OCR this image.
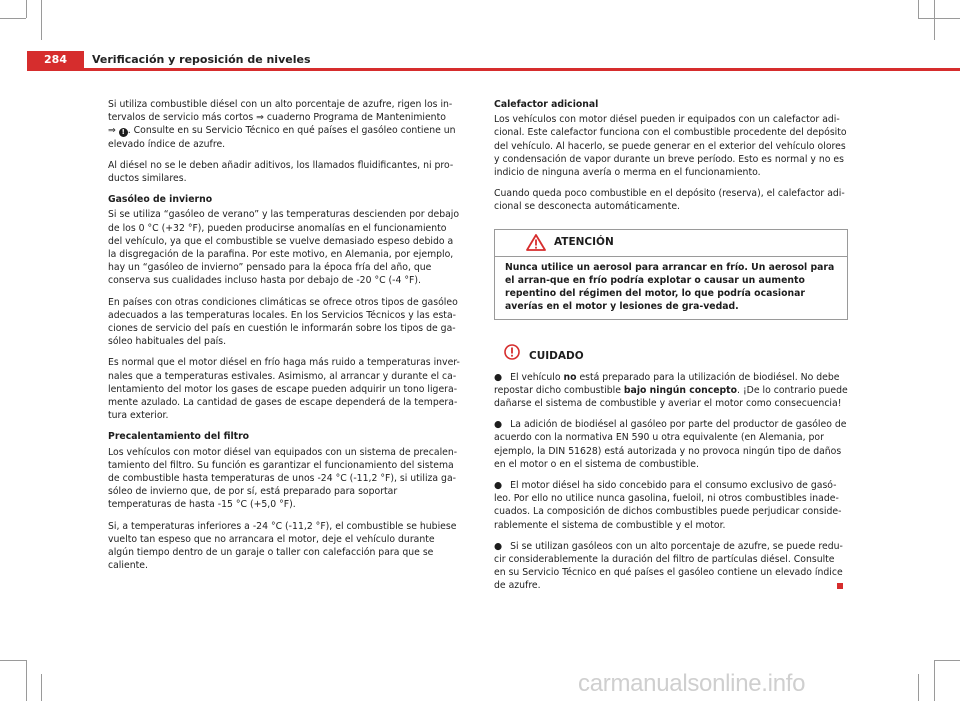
284	Verificación y reposición de niveles

Si utiliza combustible diésel con un alto porcentaje de azufre, rigen los in-tervalos de servicio más cortos ⇒ cuaderno Programa de Mantenimiento
⇒ ! . Consulte en su Servicio Técnico en qué países el gasóleo contiene un elevado índice de azufre.

Al diésel no se le deben añadir aditivos, los llamados fluidificantes, ni pro-ductos similares.

Gasóleo de invierno

Si se utiliza “gasóleo de verano” y las temperaturas descienden por debajo de los 0 °C (+32 °F), pueden producirse anomalías en el funcionamiento del vehículo, ya que el combustible se vuelve demasiado espeso debido a la disgregación de la parafina. Por este motivo, en Alemania, por ejemplo, hay un “gasóleo de invierno” pensado para la época fría del año, que conserva sus cualidades incluso hasta por debajo de -20 °C (-4 °F).

En países con otras condiciones climáticas se ofrece otros tipos de gasóleo adecuados a las temperaturas locales. En los Servicios Técnicos y las esta-ciones de servicio del país en cuestión le informarán sobre los tipos de ga-sóleo habituales del país.

Es normal que el motor diésel en frío haga más ruido a temperaturas inver-nales que a temperaturas estivales. Asimismo, al arrancar y durante el ca-lentamiento del motor los gases de escape pueden adquirir un tono ligera-mente azulado. La cantidad de gases de escape dependerá de la tempera-tura exterior.

Precalentamiento del filtro

Los vehículos con motor diésel van equipados con un sistema de precalen-tamiento del filtro. Su función es garantizar el funcionamiento del sistema de combustible hasta temperaturas de unos -24 °C (-11,2 °F), si utiliza ga-sóleo de invierno que, de por sí, está preparado para soportar temperaturas de hasta -15 °C (+5,0 °F).

Si, a temperaturas inferiores a -24 °C (-11,2 °F), el combustible se hubiese vuelto tan espeso que no arrancara el motor, deje el vehículo durante algún tiempo dentro de un garaje o taller con calefacción para que se caliente.

Calefactor adicional

Los vehículos con motor diésel pueden ir equipados con un calefactor adi-cional. Este calefactor funciona con el combustible procedente del depósito del vehículo. Al hacerlo, se puede generar en el exterior del vehículo olores y condensación de vapor durante un breve período. Esto es normal y no es indicio de ninguna avería o merma en el funcionamiento.

Cuando queda poco combustible en el depósito (reserva), el calefactor adi-cional se desconecta automáticamente.

ATENCIÓN
Nunca utilice un aerosol para arrancar en frío. Un aerosol para el arran-que en frío podría explotar o causar un aumento repentino del régimen del motor, lo que podría ocasionar averías en el motor y lesiones de gra-vedad.
CUIDADO

● El vehículo no está preparado para la utilización de biodiésel. No debe repostar dicho combustible bajo ningún concepto. ¡De lo contrario puede dañarse el sistema de combustible y averiar el motor como consecuencia!

● La adición de biodiésel al gasóleo por parte del productor de gasóleo de acuerdo con la normativa EN 590 u otra equivalente (en Alemania, por ejemplo, la DIN 51628) está autorizada y no provoca ningún tipo de daños en el motor o en el sistema de combustible.

● El motor diésel ha sido concebido para el consumo exclusivo de gasó-leo. Por ello no utilice nunca gasolina, fueloil, ni otros combustibles inade-cuados. La composición de dichos combustibles puede perjudicar conside-rablemente el sistema de combustible y el motor.

● Si se utilizan gasóleos con un alto porcentaje de azufre, se puede redu-cir considerablemente la duración del filtro de partículas diésel. Consulte en su Servicio Técnico en qué países el gasóleo contiene un elevado índice de azufre.

carmanualsonline.info
